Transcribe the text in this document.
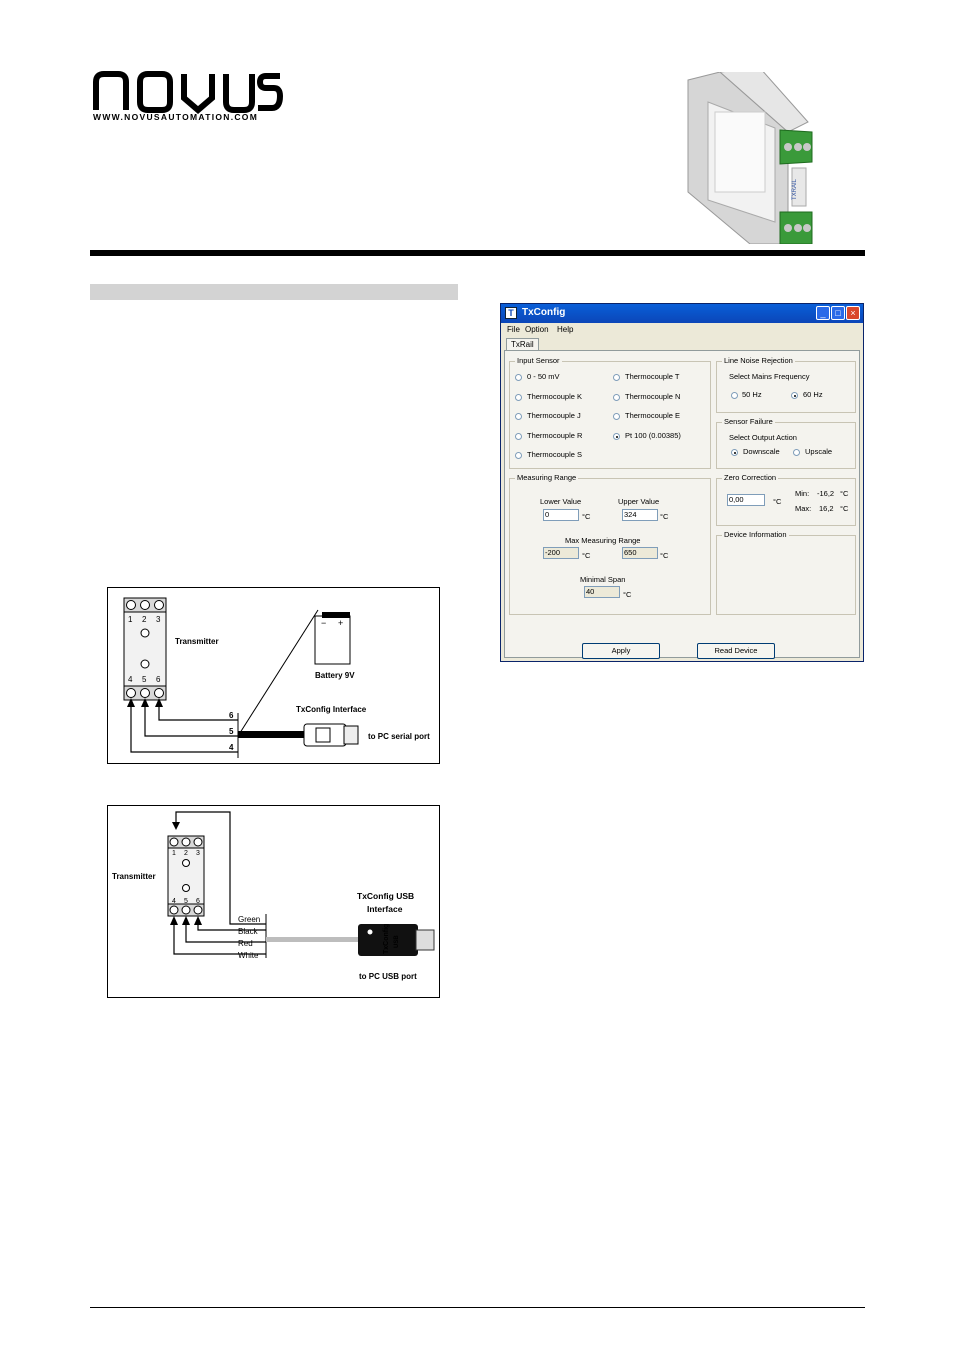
NOVUS
WWW.NOVUSAUTOMATION.COM
TXRAIL
1 2 3
4 5 6
Transmitter
− +
Battery 9V
TxConfig Interface
to PC serial port
6
5
4
1 2 3
4 5 6
Transmitter
Green
Black
Red
White
TxConfig USB
TxConfig USB
Interface
to PC USB port
T TxConfig	_	□	×
File Option Help
TxRail
Input Sensor
0 - 50 mV
Thermocouple K
Thermocouple J
Thermocouple R
Thermocouple S
Thermocouple T
Thermocouple N
Thermocouple E
Pt 100 (0.00385)
Line Noise Rejection
Select Mains Frequency
50 Hz	60 Hz
Sensor Failure
Select Output Action
Downscale	Upscale
Measuring Range
Lower Value
0	°C
Upper Value
324	°C
Max Measuring Range
-200	°C	650	°C
Minimal Span
40	°C
Zero Correction
0,00	°C
Min: -16,2 °C
Max: 16,2 °C
Device Information
Apply	Read Device
